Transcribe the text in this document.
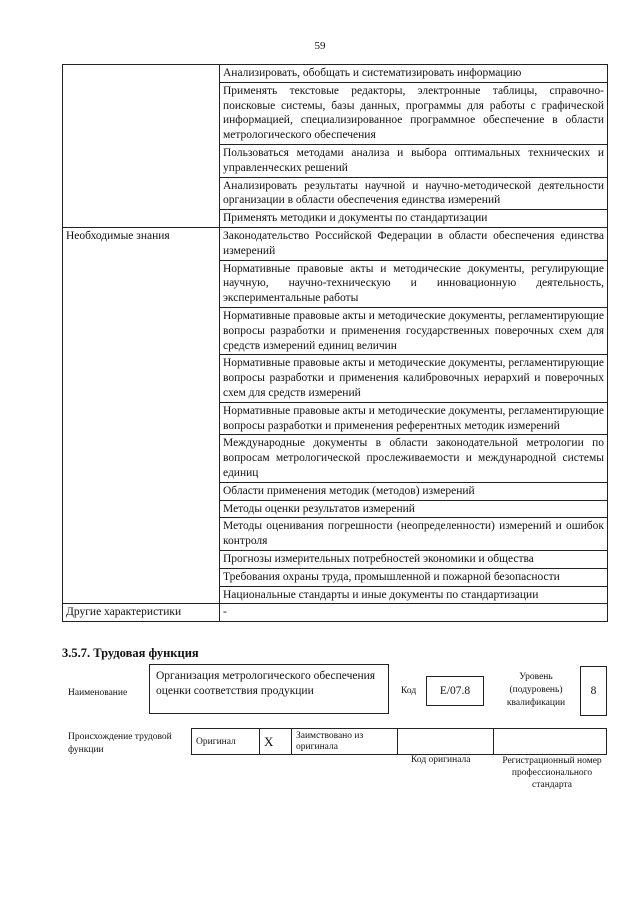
59
	Анализировать, обобщать и систематизировать информацию
	Применять текстовые редакторы, электронные таблицы, справочно-поисковые системы, базы данных, программы для работы с графической информацией, специализированное программное обеспечение в области метрологического обеспечения
	Пользоваться методами анализа и выбора оптимальных технических и управленческих решений
	Анализировать результаты научной и научно-методической деятельности организации в области обеспечения единства измерений
	Применять методики и документы по стандартизации
Необходимые знания	Законодательство Российской Федерации в области обеспечения единства измерений
	Нормативные правовые акты и методические документы, регулирующие научную, научно-техническую и инновационную деятельность, экспериментальные работы
	Нормативные правовые акты и методические документы, регламентирующие вопросы разработки и применения государственных поверочных схем для средств измерений единиц величин
	Нормативные правовые акты и методические документы, регламентирующие вопросы разработки и применения калибровочных иерархий и поверочных схем для средств измерений
	Нормативные правовые акты и методические документы, регламентирующие вопросы разработки и применения референтных методик измерений
	Международные документы в области законодательной метрологии по вопросам метрологической прослеживаемости и международной системы единиц
	Области применения методик (методов) измерений
	Методы оценки результатов измерений
	Методы оценивания погрешности (неопределенности) измерений и ошибок контроля
	Прогнозы измерительных потребностей экономики и общества
	Требования охраны труда, промышленной и пожарной безопасности
	Национальные стандарты и иные документы по стандартизации
Другие характеристики	-
3.5.7. Трудовая функция
Наименование
Организация метрологического обеспечения оценки соответствия продукции	Код	E/07.8
Уровень (подуровень) квалификации
8
Происхождение трудовой функции
Оригинал	X	Заимствовано из оригинала		
Код оригинала	Регистрационный номер профессионального стандарта
